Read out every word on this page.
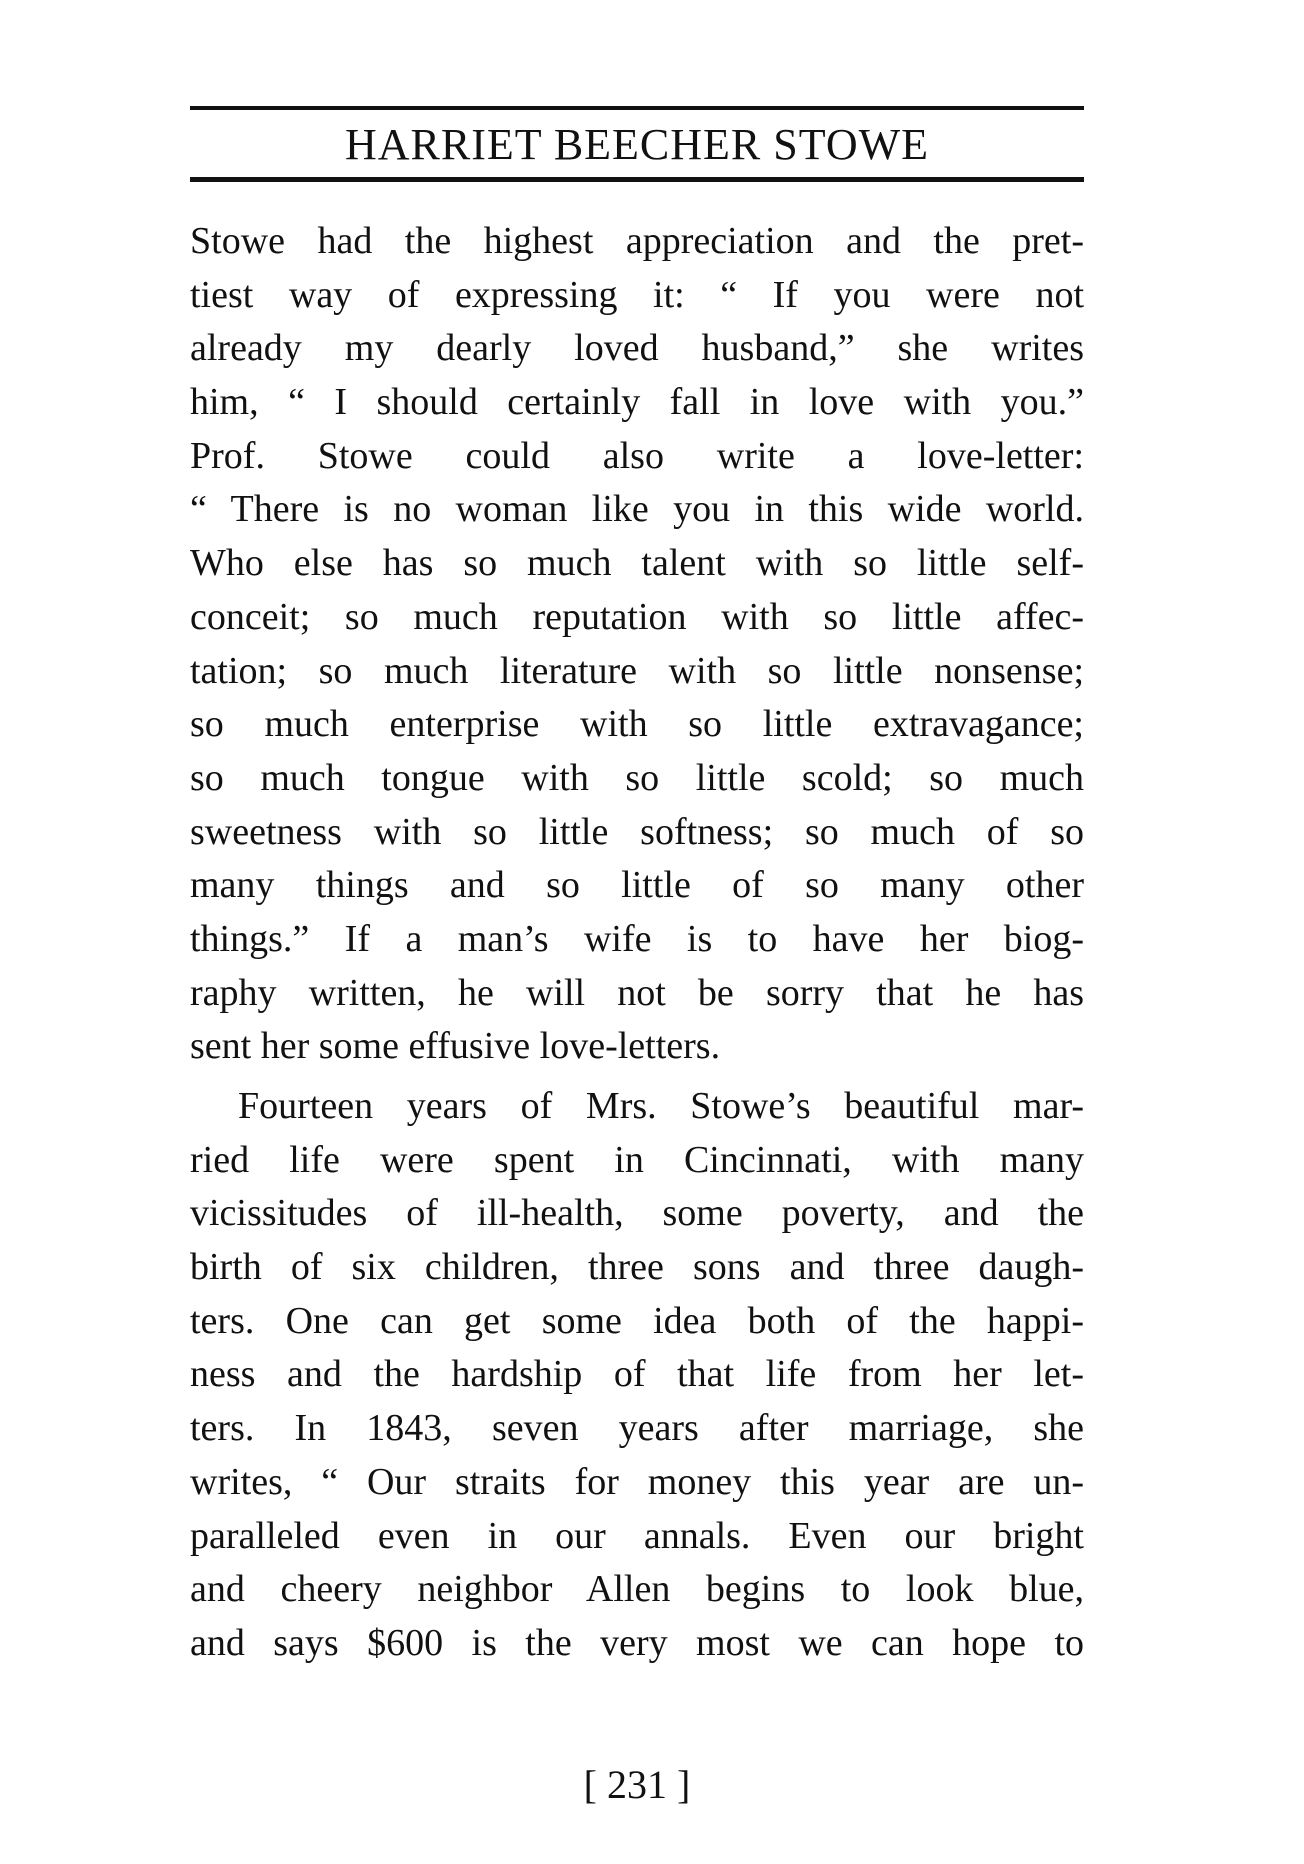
HARRIET BEECHER STOWE
Stowe had the highest appreciation and the pret-
tiest way of expressing it: “ If you were not
already my dearly loved husband,” she writes
him, “ I should certainly fall in love with you.”
Prof. Stowe could also write a love-letter:
“ There is no woman like you in this wide world.
Who else has so much talent with so little self-
conceit; so much reputation with so little affec-
tation; so much literature with so little nonsense;
so much enterprise with so little extravagance;
so much tongue with so little scold; so much
sweetness with so little softness; so much of so
many things and so little of so many other
things.” If a man’s wife is to have her biog-
raphy written, he will not be sorry that he has
sent her some effusive love-letters.
Fourteen years of Mrs. Stowe’s beautiful mar-
ried life were spent in Cincinnati, with many
vicissitudes of ill-health, some poverty, and the
birth of six children, three sons and three daugh-
ters. One can get some idea both of the happi-
ness and the hardship of that life from her let-
ters. In 1843, seven years after marriage, she
writes, “ Our straits for money this year are un-
paralleled even in our annals. Even our bright
and cheery neighbor Allen begins to look blue,
and says $600 is the very most we can hope to
[ 231 ]
